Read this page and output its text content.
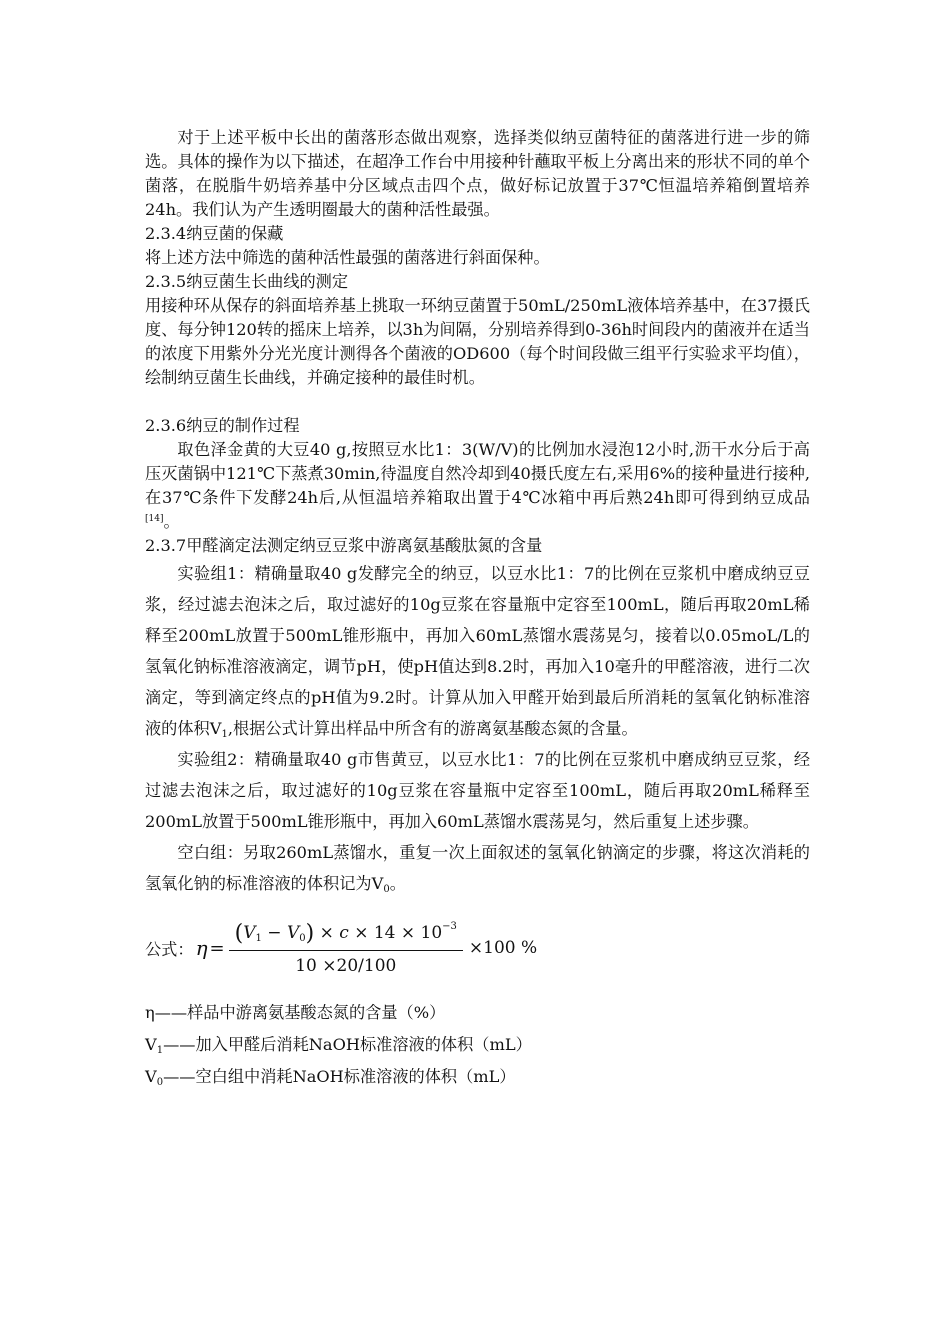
对于上述平板中长出的菌落形态做出观察，选择类似纳豆菌特征的菌落进行进一步的筛选。具体的操作为以下描述，在超净工作台中用接种针蘸取平板上分离出来的形状不同的单个菌落，在脱脂牛奶培养基中分区域点击四个点，做好标记放置于37℃恒温培养箱倒置培养24h。我们认为产生透明圈最大的菌种活性最强。

2.3.4纳豆菌的保藏

将上述方法中筛选的菌种活性最强的菌落进行斜面保种。

2.3.5纳豆菌生长曲线的测定

用接种环从保存的斜面培养基上挑取一环纳豆菌置于50mL/250mL液体培养基中，在37摄氏度、每分钟120转的摇床上培养，以3h为间隔，分别培养得到0-36h时间段内的菌液并在适当的浓度下用紫外分光光度计测得各个菌液的OD600（每个时间段做三组平行实验求平均值），绘制纳豆菌生长曲线，并确定接种的最佳时机。

2.3.6纳豆的制作过程

取色泽金黄的大豆40 g,按照豆水比1：3(W/V)的比例加水浸泡12小时,沥干水分后于高压灭菌锅中121℃下蒸煮30min,待温度自然冷却到40摄氏度左右,采用6%的接种量进行接种,在37℃条件下发酵24h后,从恒温培养箱取出置于4℃冰箱中再后熟24h即可得到纳豆成品[14]。

2.3.7甲醛滴定法测定纳豆豆浆中游离氨基酸肽氮的含量

实验组1：精确量取40 g发酵完全的纳豆，以豆水比1：7的比例在豆浆机中磨成纳豆豆浆，经过滤去泡沫之后，取过滤好的10g豆浆在容量瓶中定容至100mL，随后再取20mL稀释至200mL放置于500mL锥形瓶中，再加入60mL蒸馏水震荡晃匀，接着以0.05moL/L的氢氧化钠标准溶液滴定，调节pH，使pH值达到8.2时，再加入10毫升的甲醛溶液，进行二次滴定，等到滴定终点的pH值为9.2时。计算从加入甲醛开始到最后所消耗的氢氧化钠标准溶液的体积$V_1$,根据公式计算出样品中所含有的游离氨基酸态氮的含量。

实验组2：精确量取40 g市售黄豆，以豆水比1：7的比例在豆浆机中磨成纳豆豆浆，经过滤去泡沫之后，取过滤好的10g豆浆在容量瓶中定容至100mL，随后再取20mL稀释至200mL放置于500mL锥形瓶中，再加入60mL蒸馏水震荡晃匀，然后重复上述步骤。

空白组：另取260mL蒸馏水，重复一次上面叙述的氢氧化钠滴定的步骤，将这次消耗的氢氧化钠的标准溶液的体积记为$V_0$。

公式： $\eta = \frac{(V_1 - V_0) \times c \times 14 \times 10^{-3}}{10 \times 20/100} \times 100$ %

η——样品中游离氨基酸态氮的含量（%）

$V_1——$加入甲醛后消耗NaOH标准溶液的体积（mL）

$V_0——$空白组中消耗NaOH标准溶液的体积（mL）
